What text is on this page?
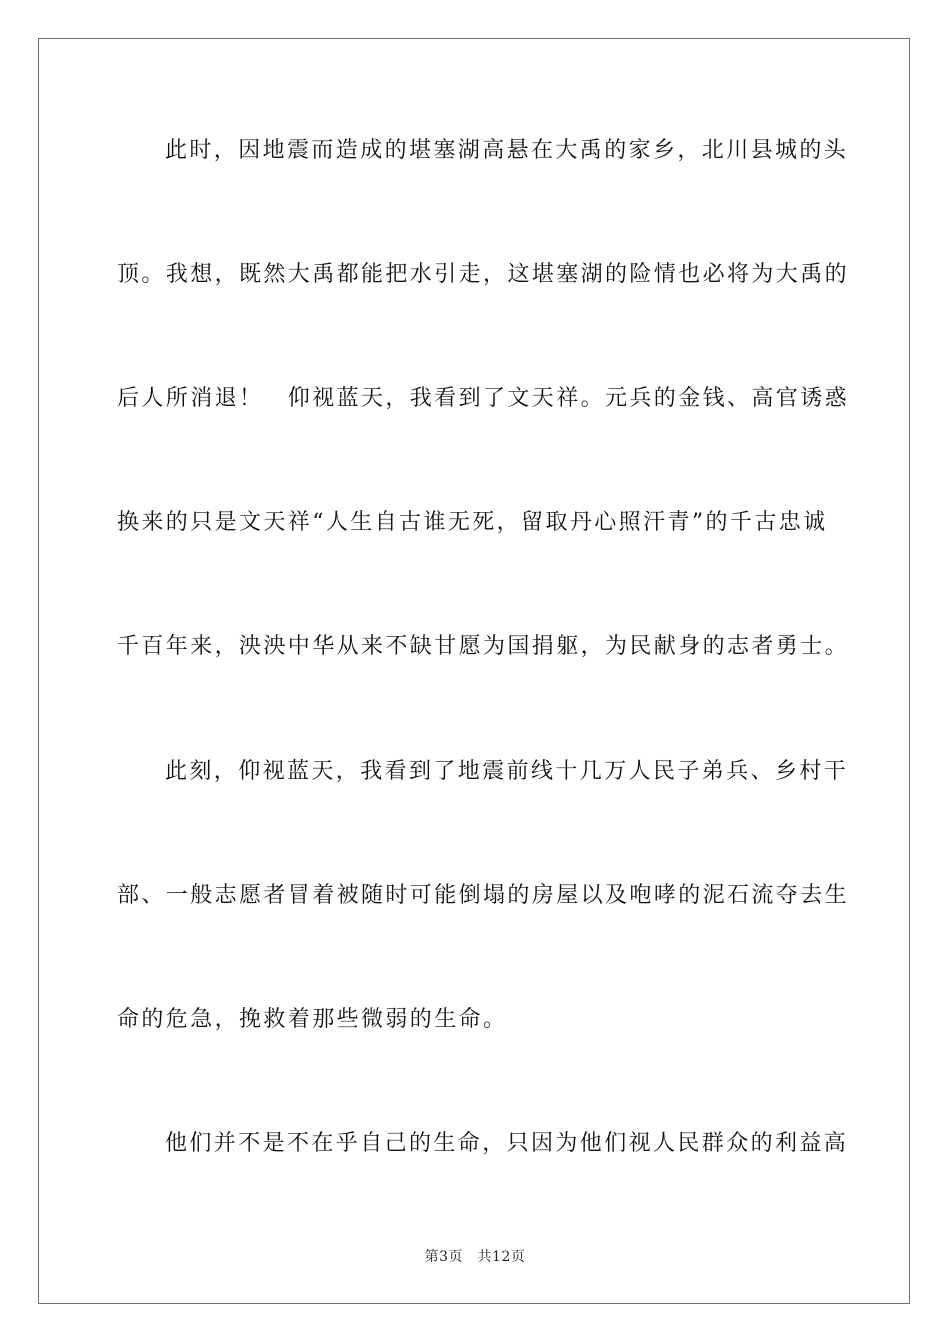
此时，因地震而造成的堪塞湖高悬在大禹的家乡，北川县城的头
顶。我想，既然大禹都能把水引走，这堪塞湖的险情也必将为大禹的
后人所消退！　仰视蓝天，我看到了文天祥。元兵的金钱、高官诱惑
换来的只是文天祥“人生自古谁无死，留取丹心照汗青”的千古忠诚
千百年来，泱泱中华从来不缺甘愿为国捐躯，为民献身的志者勇士。
此刻，仰视蓝天，我看到了地震前线十几万人民子弟兵、乡村干
部、一般志愿者冒着被随时可能倒塌的房屋以及咆哮的泥石流夺去生
命的危急，挽救着那些微弱的生命。
他们并不是不在乎自己的生命，只因为他们视人民群众的利益高
第3页　共12页
